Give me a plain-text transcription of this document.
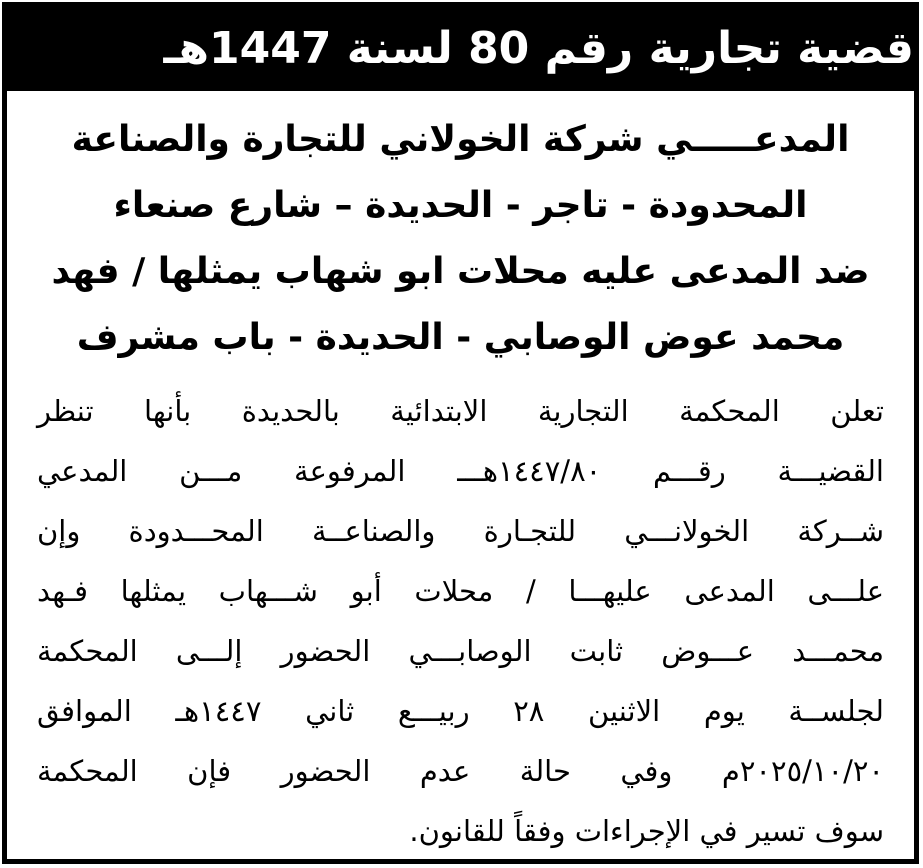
قضية تجارية رقم 80 لسنة 1447هـ
المدعـــــي شركة الخولاني للتجارة والصناعة
المحدودة - تاجر - الحديدة – شارع صنعاء
ضد المدعى عليه محلات ابو شهاب يمثلها / فهد
محمد عوض الوصابي - الحديدة - باب مشرف
تعلن المحكمة التجارية الابتدائية بالحديدة بأنها تنظر
القضيـــة رقـــم ١٤٤٧/٨٠هـــ المرفوعة مـــن المدعي
شــركة الخولانـــي للتجـارة والصناعــة المحـــدودة وإن
علـــى المدعى عليهـــا / محلات أبو شـــهاب يمثلها فـهد
محمـــد عـــوض ثابت الوصابـــي الحضور إلـــى المحكمة
لجلســة يوم الاثنين ٢٨ ربيـــع ثاني ١٤٤٧هـ الموافق
٢٠٢٥/١٠/٢٠م وفي حالة عدم الحضور فإن المحكمة
سوف تسير في الإجراءات وفقاً للقانون.
